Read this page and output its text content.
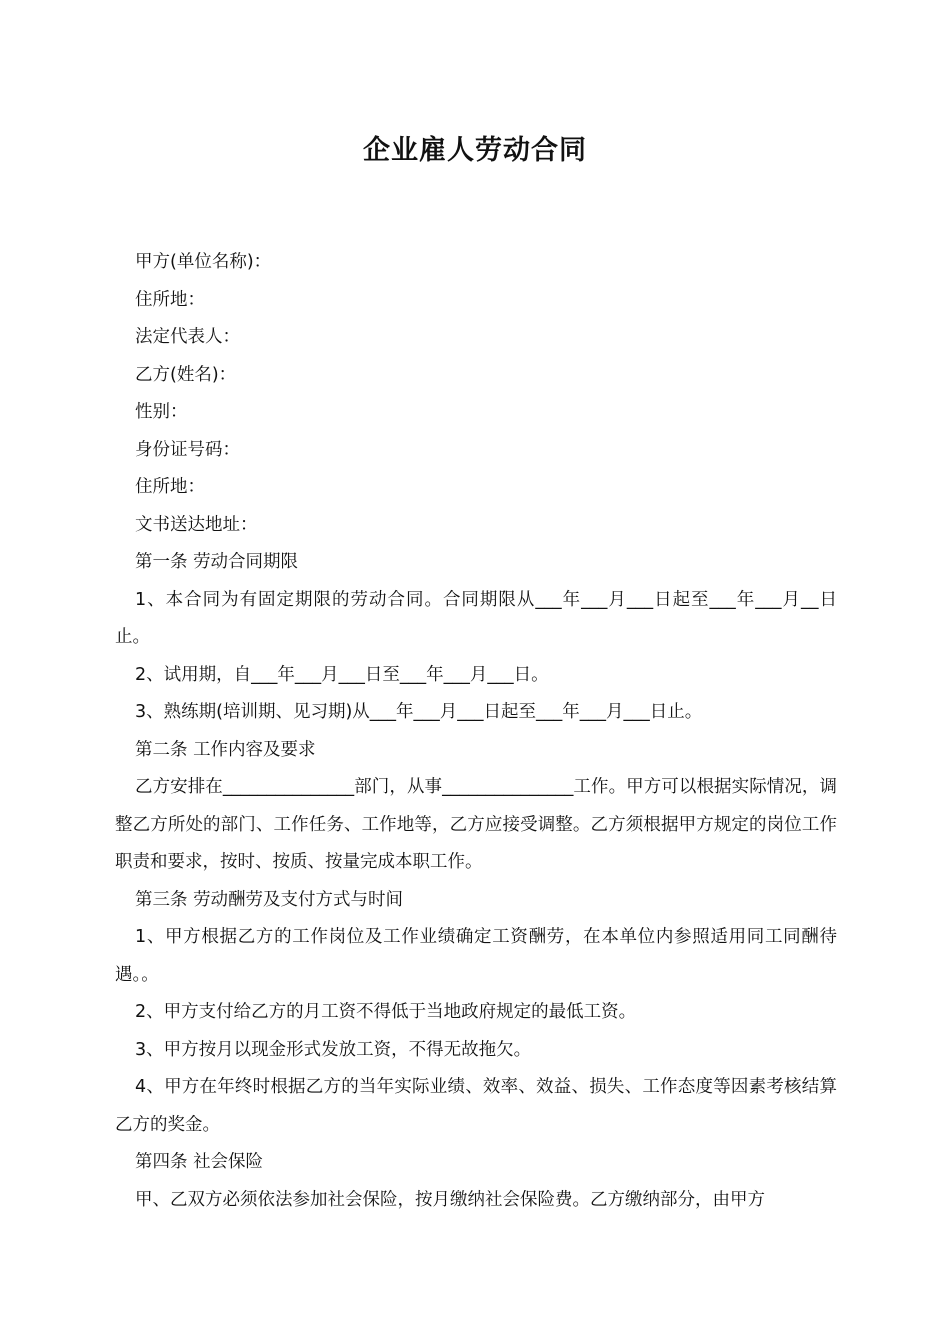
企业雇人劳动合同

甲方(单位名称)：

住所地：

法定代表人：

乙方(姓名)：

性别：

身份证号码：

住所地：

文书送达地址：

第一条 劳动合同期限

1、本合同为有固定期限的劳动合同。合同期限从___年___月___日起至___年___月__日止。

2、试用期，自___年___月___日至___年___月___日。

3、熟练期(培训期、见习期)从___年___月___日起至___年___月___日止。

第二条 工作内容及要求

乙方安排在_______________部门，从事_______________工作。甲方可以根据实际情况，调整乙方所处的部门、工作任务、工作地等，乙方应接受调整。乙方须根据甲方规定的岗位工作职责和要求，按时、按质、按量完成本职工作。

第三条 劳动酬劳及支付方式与时间

1、甲方根据乙方的工作岗位及工作业绩确定工资酬劳，在本单位内参照适用同工同酬待遇。。

2、甲方支付给乙方的月工资不得低于当地政府规定的最低工资。

3、甲方按月以现金形式发放工资，不得无故拖欠。

4、甲方在年终时根据乙方的当年实际业绩、效率、效益、损失、工作态度等因素考核结算乙方的奖金。

第四条 社会保险

甲、乙双方必须依法参加社会保险，按月缴纳社会保险费。乙方缴纳部分，由甲方
